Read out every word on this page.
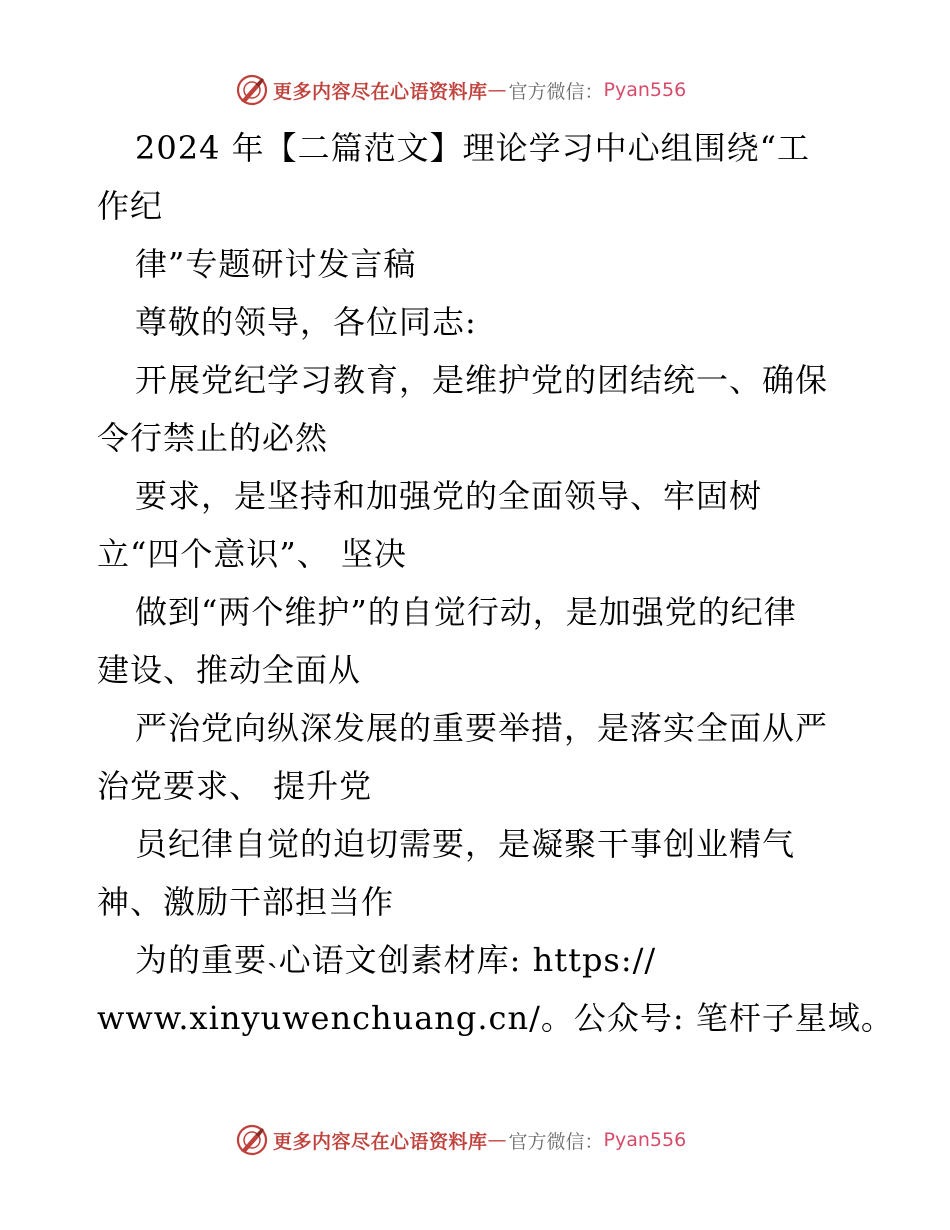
更多内容尽在心语资料库 — 官方微信： Pyan556
2024 年【二篇范文】理论学习中心组围绕“工
作纪
律”专题研讨发言稿
尊敬的领导，各位同志:
开展党纪学习教育，是维护党的团结统一、确保
令行禁止的必然
要求，是坚持和加强党的全面领导、牢固树
立“四个意识”、 坚决
做到“两个维护”的自觉行动，是加强党的纪律
建设、推动全面从
严治党向纵深发展的重要举措，是落实全面从严
治党要求、 提升党
员纪律自觉的迫切需要，是凝聚干事创业精气
神、激励干部担当作
为的重要˴心语文创素材库: https://
www.xinyuwenchuang.cn/。公众号: 笔杆子星域。
更多内容尽在心语资料库 — 官方微信： Pyan556
